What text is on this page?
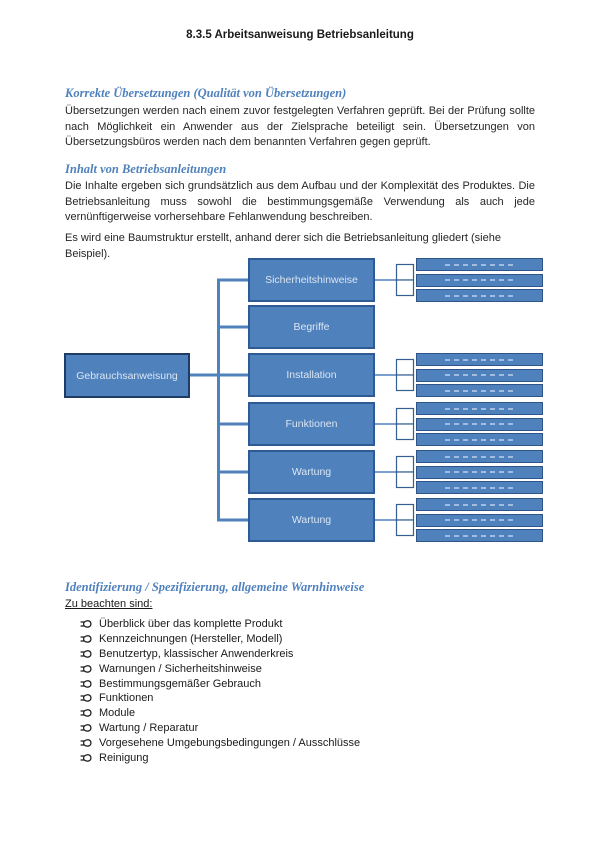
8.3.5 Arbeitsanweisung Betriebsanleitung
Korrekte Übersetzungen (Qualität von Übersetzungen)
Übersetzungen werden nach einem zuvor festgelegten Verfahren geprüft. Bei der Prüfung sollte nach Möglichkeit ein Anwender aus der Zielsprache beteiligt sein. Übersetzungen von Übersetzungsbüros werden nach dem benannten Verfahren gegen geprüft.
Inhalt von Betriebsanleitungen
Die Inhalte ergeben sich grundsätzlich aus dem Aufbau und der Komplexität des Produktes. Die Betriebsanleitung muss sowohl die bestimmungsgemäße Verwendung als auch jede vernünftigerweise vorhersehbare Fehlanwendung beschreiben.
Es wird eine Baumstruktur erstellt, anhand derer sich die Betriebsanleitung gliedert (siehe Beispiel).
Gebrauchsanweisung
Sicherheitshinweise
Begriffe
Installation
Funktionen
Wartung
Wartung
Identifizierung / Spezifizierung, allgemeine Warnhinweise
Zu beachten sind:
Überblick über das komplette Produkt
Kennzeichnungen (Hersteller, Modell)
Benutzertyp, klassischer Anwenderkreis
Warnungen / Sicherheitshinweise
Bestimmungsgemäßer Gebrauch
Funktionen
Module
Wartung / Reparatur
Vorgesehene Umgebungsbedingungen / Ausschlüsse
Reinigung
